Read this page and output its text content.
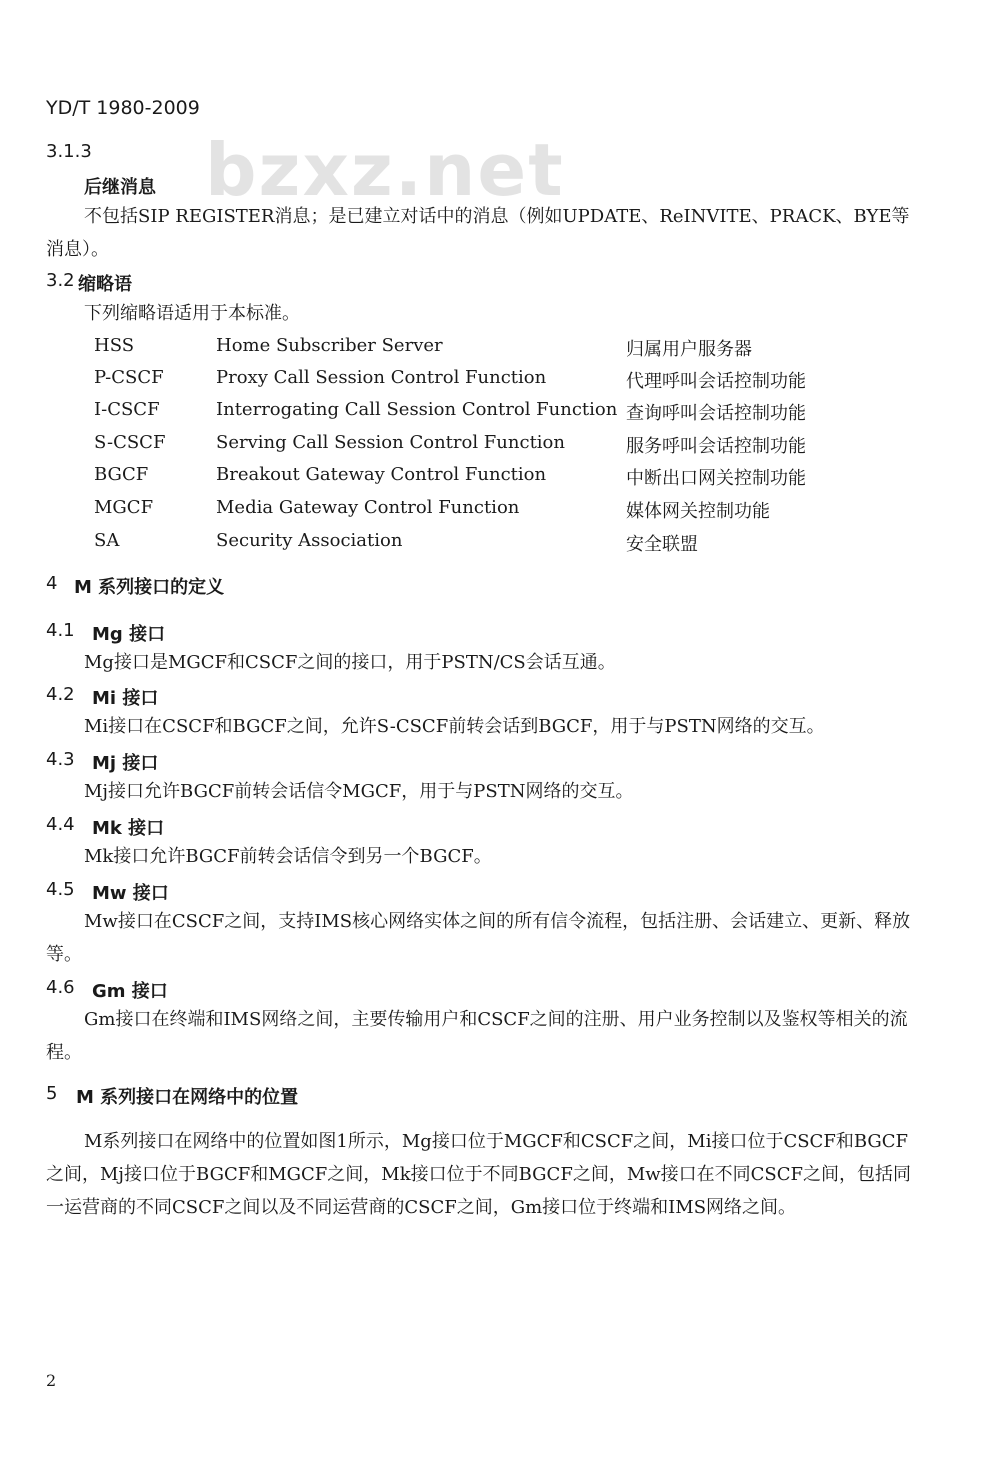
YD/T 1980-2009
bzxz.net
3.1.3
后继消息
不包括SIP REGISTER消息；是已建立对话中的消息（例如UPDATE、ReINVITE、PRACK、BYE等
消息）。
3.2 缩略语
下列缩略语适用于本标准。
HSS	Home Subscriber Server	归属用户服务器
P-CSCF	Proxy Call Session Control Function	代理呼叫会话控制功能
I-CSCF	Interrogating Call Session Control Function 查询呼叫会话控制功能
S-CSCF	Serving Call Session Control Function	服务呼叫会话控制功能
BGCF	Breakout Gateway Control Function	中断出口网关控制功能
MGCF	Media Gateway Control Function	媒体网关控制功能
SA	Security Association	安全联盟
4 M 系列接口的定义
4.1 Mg 接口
Mg接口是MGCF和CSCF之间的接口，用于PSTN/CS会话互通。
4.2 Mi 接口
Mi接口在CSCF和BGCF之间，允许S-CSCF前转会话到BGCF，用于与PSTN网络的交互。
4.3 Mj 接口
Mj接口允许BGCF前转会话信令MGCF，用于与PSTN网络的交互。
4.4 Mk 接口
Mk接口允许BGCF前转会话信令到另一个BGCF。
4.5 Mw 接口
Mw接口在CSCF之间，支持IMS核心网络实体之间的所有信令流程，包括注册、会话建立、更新、释放等。
4.6 Gm 接口
Gm接口在终端和IMS网络之间，主要传输用户和CSCF之间的注册、用户业务控制以及鉴权等相关的流程。
5 M 系列接口在网络中的位置
M系列接口在网络中的位置如图1所示，Mg接口位于MGCF和CSCF之间，Mi接口位于CSCF和BGCF之间，Mj接口位于BGCF和MGCF之间，Mk接口位于不同BGCF之间，Mw接口在不同CSCF之间，包括同一运营商的不同CSCF之间以及不同运营商的CSCF之间，Gm接口位于终端和IMS网络之间。
2
